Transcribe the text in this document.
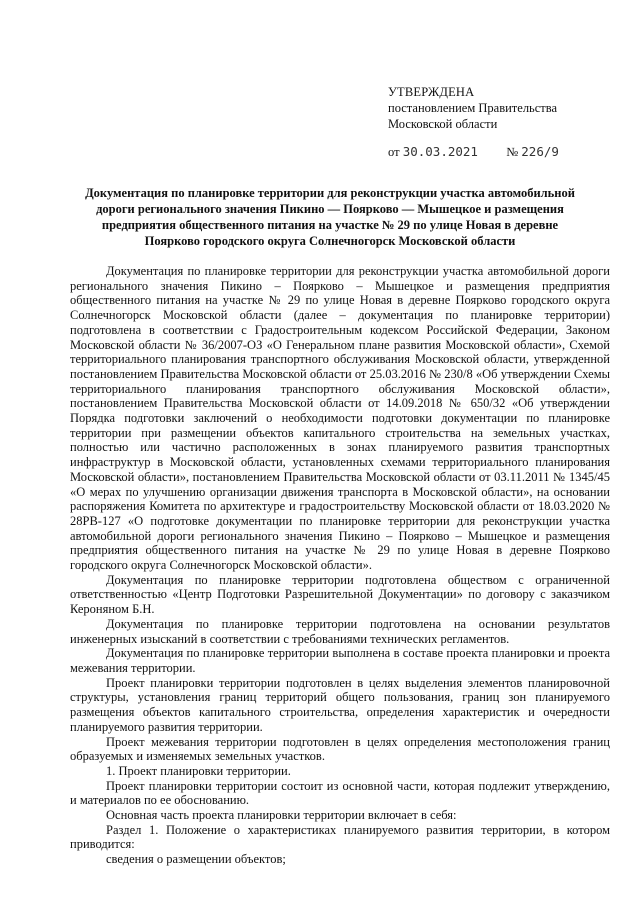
УТВЕРЖДЕНА
постановлением Правительства
Московской области
от 30.03.2021 № 226/9
Документация по планировке территории для реконструкции участка автомобильной дороги регионального значения Пикино — Поярково — Мышецкое и размещения предприятия общественного питания на участке № 29 по улице Новая в деревне Поярково городского округа Солнечногорск Московской области

Документация по планировке территории для реконструкции участка автомобильной дороги регионального значения Пикино – Поярково – Мышецкое и размещения предприятия общественного питания на участке № 29 по улице Новая в деревне Поярково городского округа Солнечногорск Московской области (далее – документация по планировке территории) подготовлена в соответствии с Градостроительным кодексом Российской Федерации, Законом Московской области № 36/2007-ОЗ «О Генеральном плане развития Московской области», Схемой территориального планирования транспортного обслуживания Московской области, утвержденной постановлением Правительства Московской области от 25.03.2016 № 230/8 «Об утверждении Схемы территориального планирования транспортного обслуживания Московской области», постановлением Правительства Московской области от 14.09.2018 № 650/32 «Об утверждении Порядка подготовки заключений о необходимости подготовки документации по планировке территории при размещении объектов капитального строительства на земельных участках, полностью или частично расположенных в зонах планируемого развития транспортных инфраструктур в Московской области, установленных схемами территориального планирования Московской области», постановлением Правительства Московской области от 03.11.2011 № 1345/45 «О мерах по улучшению организации движения транспорта в Московской области», на основании распоряжения Комитета по архитектуре и градостроительству Московской области от 18.03.2020 № 28РВ-127 «О подготовке документации по планировке территории для реконструкции участка автомобильной дороги регионального значения Пикино – Поярково – Мышецкое и размещения предприятия общественного питания на участке № 29 по улице Новая в деревне Поярково городского округа Солнечногорск Московской области».

Документация по планировке территории подготовлена обществом с ограниченной ответственностью «Центр Подготовки Разрешительной Документации» по договору с заказчиком Кероняном Б.Н.

Документация по планировке территории подготовлена на основании результатов инженерных изысканий в соответствии с требованиями технических регламентов.

Документация по планировке территории выполнена в составе проекта планировки и проекта межевания территории.

Проект планировки территории подготовлен в целях выделения элементов планировочной структуры, установления границ территорий общего пользования, границ зон планируемого размещения объектов капитального строительства, определения характеристик и очередности планируемого развития территории.

Проект межевания территории подготовлен в целях определения местоположения границ образуемых и изменяемых земельных участков.

1. Проект планировки территории.

Проект планировки территории состоит из основной части, которая подлежит утверждению, и материалов по ее обоснованию.

Основная часть проекта планировки территории включает в себя:

Раздел 1. Положение о характеристиках планируемого развития территории, в котором приводится:

сведения о размещении объектов;
